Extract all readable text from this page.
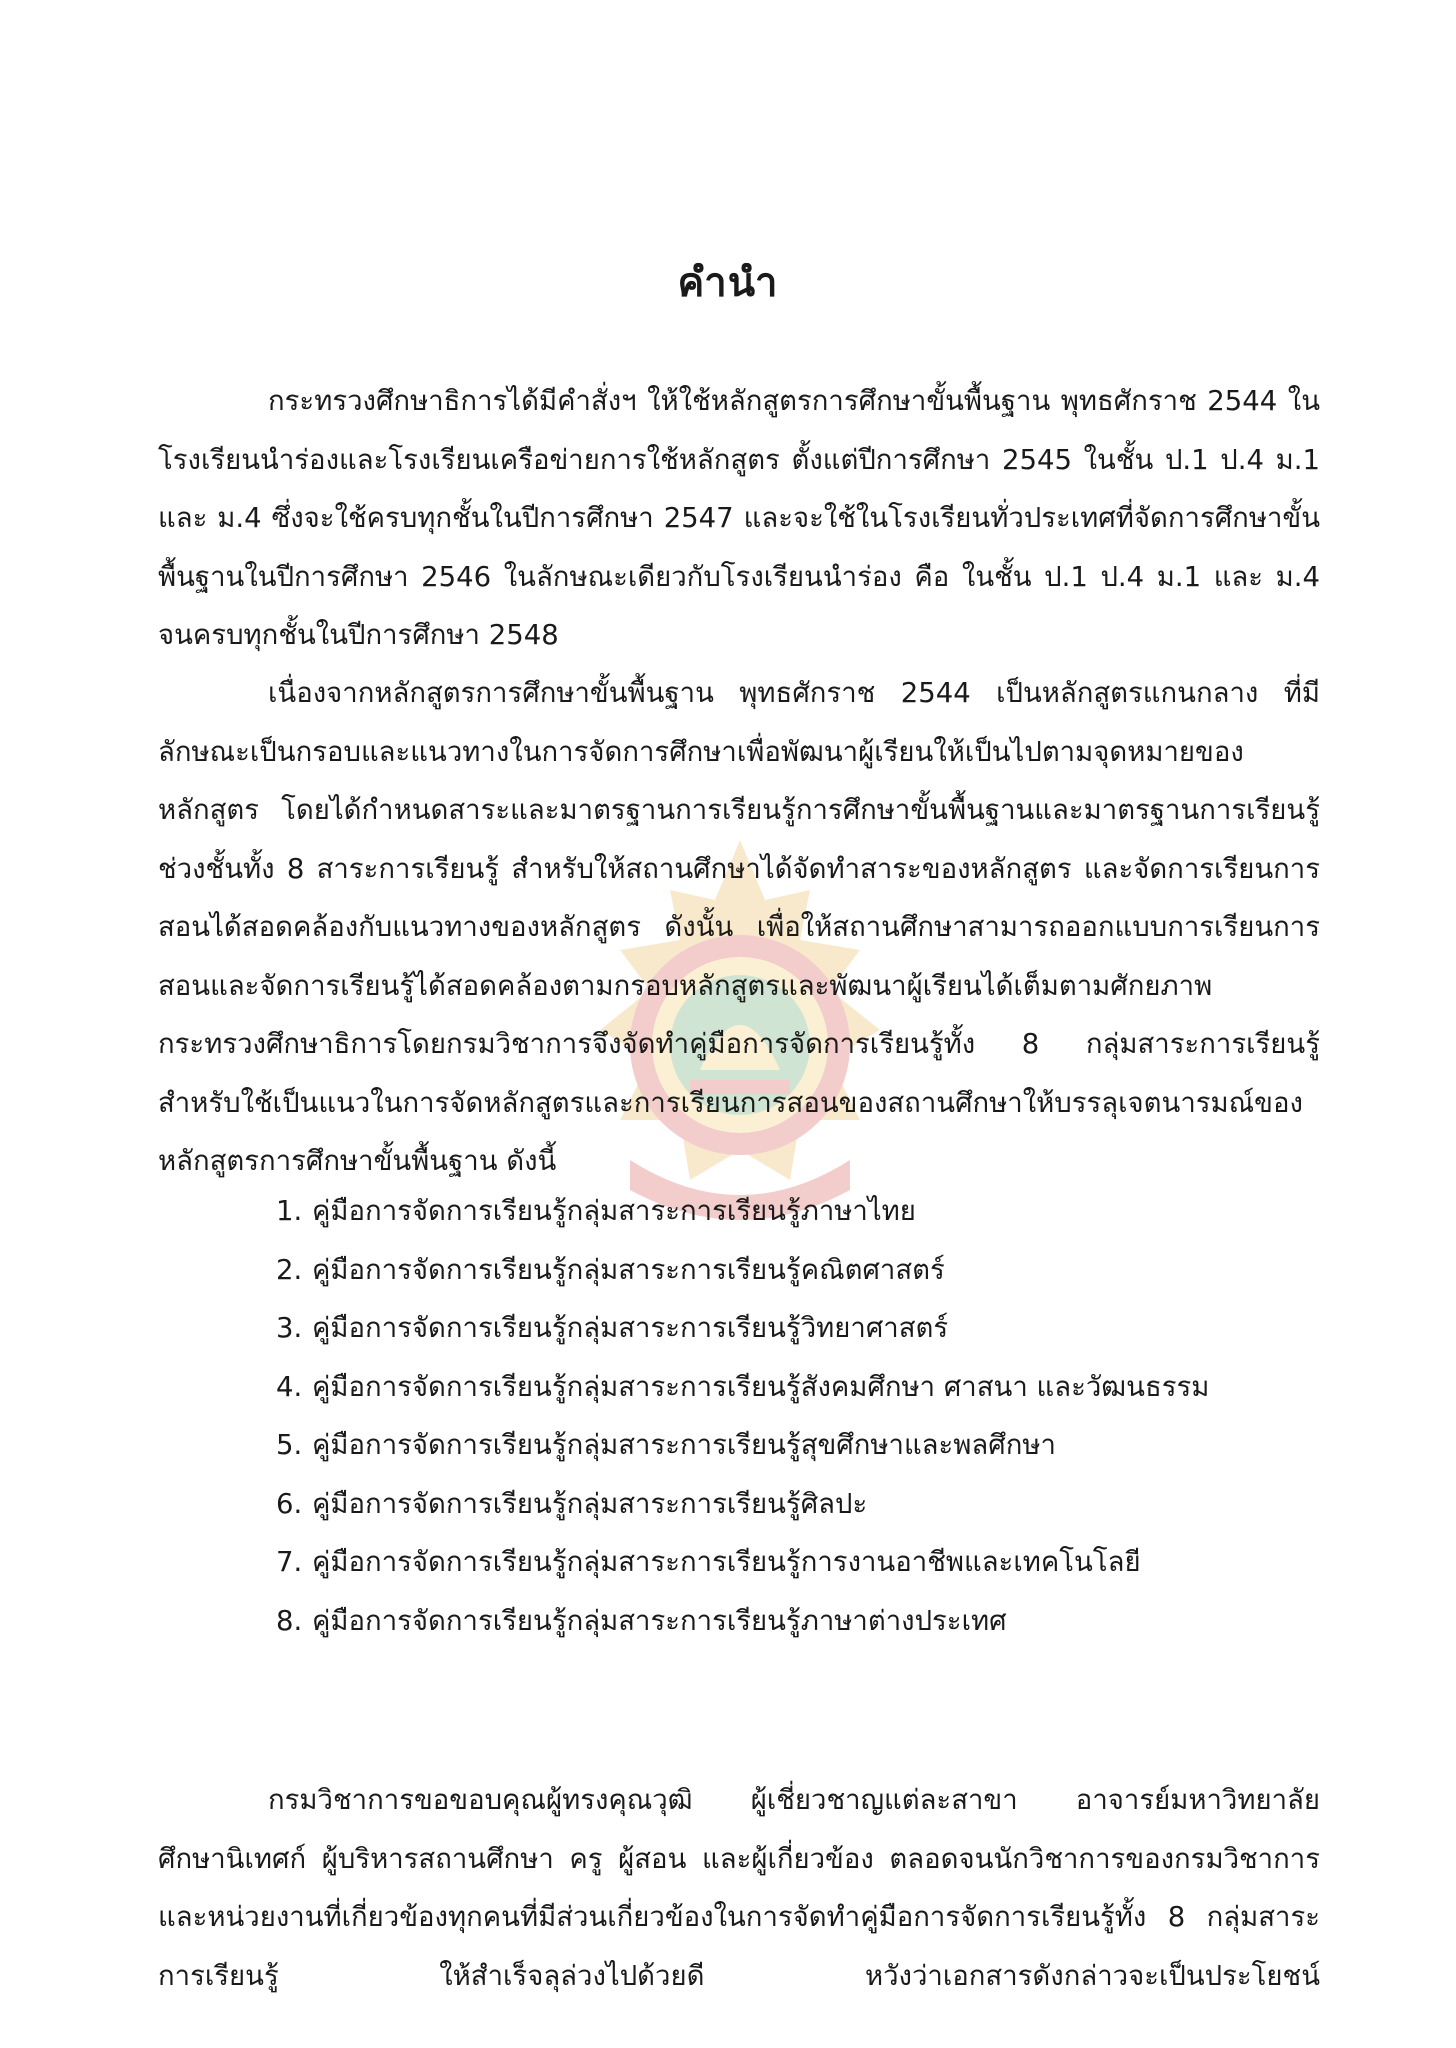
คำนำ

กระทรวงศึกษาธิการได้มีคำสั่งฯ ให้ใช้หลักสูตรการศึกษาขั้นพื้นฐาน พุทธศักราช 2544 ในโรงเรียนนำร่องและโรงเรียนเครือข่ายการใช้หลักสูตร ตั้งแต่ปีการศึกษา 2545 ในชั้น ป.1 ป.4 ม.1 และ ม.4 ซึ่งจะใช้ครบทุกชั้นในปีการศึกษา 2547 และจะใช้ในโรงเรียนทั่วประเทศที่จัดการศึกษาขั้นพื้นฐานในปีการศึกษา 2546 ในลักษณะเดียวกับโรงเรียนนำร่อง คือ ในชั้น ป.1 ป.4 ม.1 และ ม.4 จนครบทุกชั้นในปีการศึกษา 2548

เนื่องจากหลักสูตรการศึกษาขั้นพื้นฐาน พุทธศักราช 2544 เป็นหลักสูตรแกนกลาง ที่มีลักษณะเป็นกรอบและแนวทางในการจัดการศึกษาเพื่อพัฒนาผู้เรียนให้เป็นไปตามจุดหมายของหลักสูตร โดยได้กำหนดสาระและมาตรฐานการเรียนรู้การศึกษาขั้นพื้นฐานและมาตรฐานการเรียนรู้ช่วงชั้นทั้ง 8 สาระการเรียนรู้ สำหรับให้สถานศึกษาได้จัดทำสาระของหลักสูตร และจัดการเรียนการสอนได้สอดคล้องกับแนวทางของหลักสูตร ดังนั้น เพื่อให้สถานศึกษาสามารถออกแบบการเรียนการสอนและจัดการเรียนรู้ได้สอดคล้องตามกรอบหลักสูตรและพัฒนาผู้เรียนได้เต็มตามศักยภาพ กระทรวงศึกษาธิการโดยกรมวิชาการจึงจัดทำคู่มือการจัดการเรียนรู้ทั้ง 8 กลุ่มสาระการเรียนรู้สำหรับใช้เป็นแนวในการจัดหลักสูตรและการเรียนการสอนของสถานศึกษาให้บรรลุเจตนารมณ์ของหลักสูตรการศึกษาขั้นพื้นฐาน ดังนี้

1. คู่มือการจัดการเรียนรู้กลุ่มสาระการเรียนรู้ภาษาไทย
2. คู่มือการจัดการเรียนรู้กลุ่มสาระการเรียนรู้คณิตศาสตร์
3. คู่มือการจัดการเรียนรู้กลุ่มสาระการเรียนรู้วิทยาศาสตร์
4. คู่มือการจัดการเรียนรู้กลุ่มสาระการเรียนรู้สังคมศึกษา ศาสนา และวัฒนธรรม
5. คู่มือการจัดการเรียนรู้กลุ่มสาระการเรียนรู้สุขศึกษาและพลศึกษา
6. คู่มือการจัดการเรียนรู้กลุ่มสาระการเรียนรู้ศิลปะ
7. คู่มือการจัดการเรียนรู้กลุ่มสาระการเรียนรู้การงานอาชีพและเทคโนโลยี
8. คู่มือการจัดการเรียนรู้กลุ่มสาระการเรียนรู้ภาษาต่างประเทศ

กรมวิชาการขอขอบคุณผู้ทรงคุณวุฒิ ผู้เชี่ยวชาญแต่ละสาขา อาจารย์มหาวิทยาลัย ศึกษานิเทศก์ ผู้บริหารสถานศึกษา ครู ผู้สอน และผู้เกี่ยวข้อง ตลอดจนนักวิชาการของกรมวิชาการและหน่วยงานที่เกี่ยวข้องทุกคนที่มีส่วนเกี่ยวข้องในการจัดทำคู่มือการจัดการเรียนรู้ทั้ง 8 กลุ่มสาระการเรียนรู้ ให้สำเร็จลุล่วงไปด้วยดี หวังว่าเอกสารดังกล่าวจะเป็นประโยชน์
